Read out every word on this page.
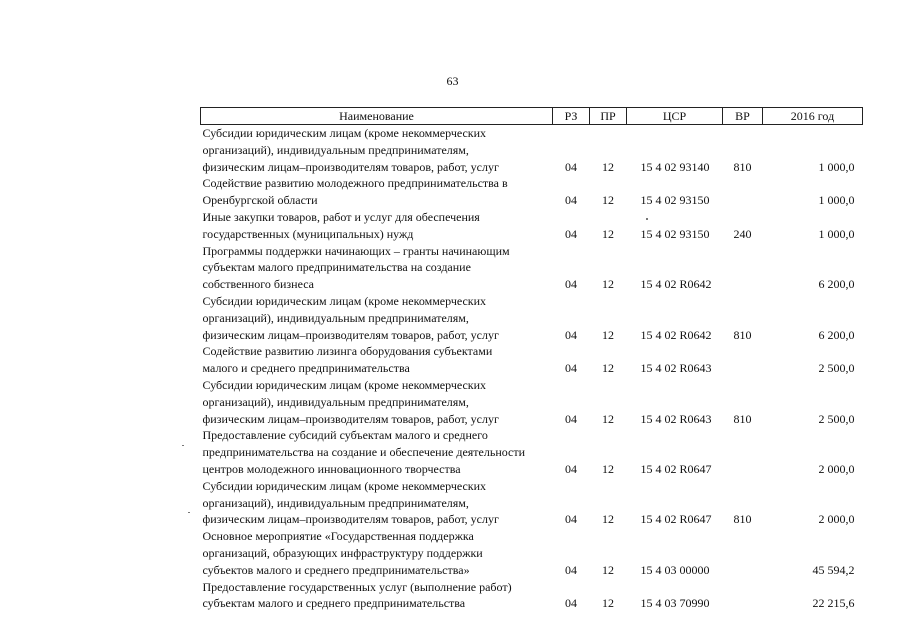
63
Наименование	РЗ	ПР	ЦСР	ВР	2016 год

Субсидии юридическим лицам (кроме некоммерческих
организаций), индивидуальным предпринимателям,
физическим лицам–производителям товаров, работ, услуг	04	12	15 4 02 93140	810	1 000,0

Содействие развитию молодежного предпринимательства в
Оренбургской области	04	12	15 4 02 93150		1 000,0

Иные закупки товаров, работ и услуг для обеспечения
государственных (муниципальных) нужд	04	12	15 4 02 93150	240	1 000,0

Программы поддержки начинающих – гранты начинающим
субъектам малого предпринимательства на создание
собственного бизнеса	04	12	15 4 02 R0642		6 200,0

Субсидии юридическим лицам (кроме некоммерческих
организаций), индивидуальным предпринимателям,
физическим лицам–производителям товаров, работ, услуг	04	12	15 4 02 R0642	810	6 200,0

Содействие развитию лизинга оборудования субъектами
малого и среднего предпринимательства	04	12	15 4 02 R0643		2 500,0

Субсидии юридическим лицам (кроме некоммерческих
организаций), индивидуальным предпринимателям,
физическим лицам–производителям товаров, работ, услуг	04	12	15 4 02 R0643	810	2 500,0

Предоставление субсидий субъектам малого и среднего
предпринимательства на создание и обеспечение деятельности
центров молодежного инновационного творчества	04	12	15 4 02 R0647		2 000,0

Субсидии юридическим лицам (кроме некоммерческих
организаций), индивидуальным предпринимателям,
физическим лицам–производителям товаров, работ, услуг	04	12	15 4 02 R0647	810	2 000,0

Основное мероприятие «Государственная поддержка
организаций, образующих инфраструктуру поддержки
субъектов малого и среднего предпринимательства»	04	12	15 4 03 00000		45 594,2

Предоставление государственных услуг (выполнение работ)
субъектам малого и среднего предпринимательства	04	12	15 4 03 70990		22 215,6
